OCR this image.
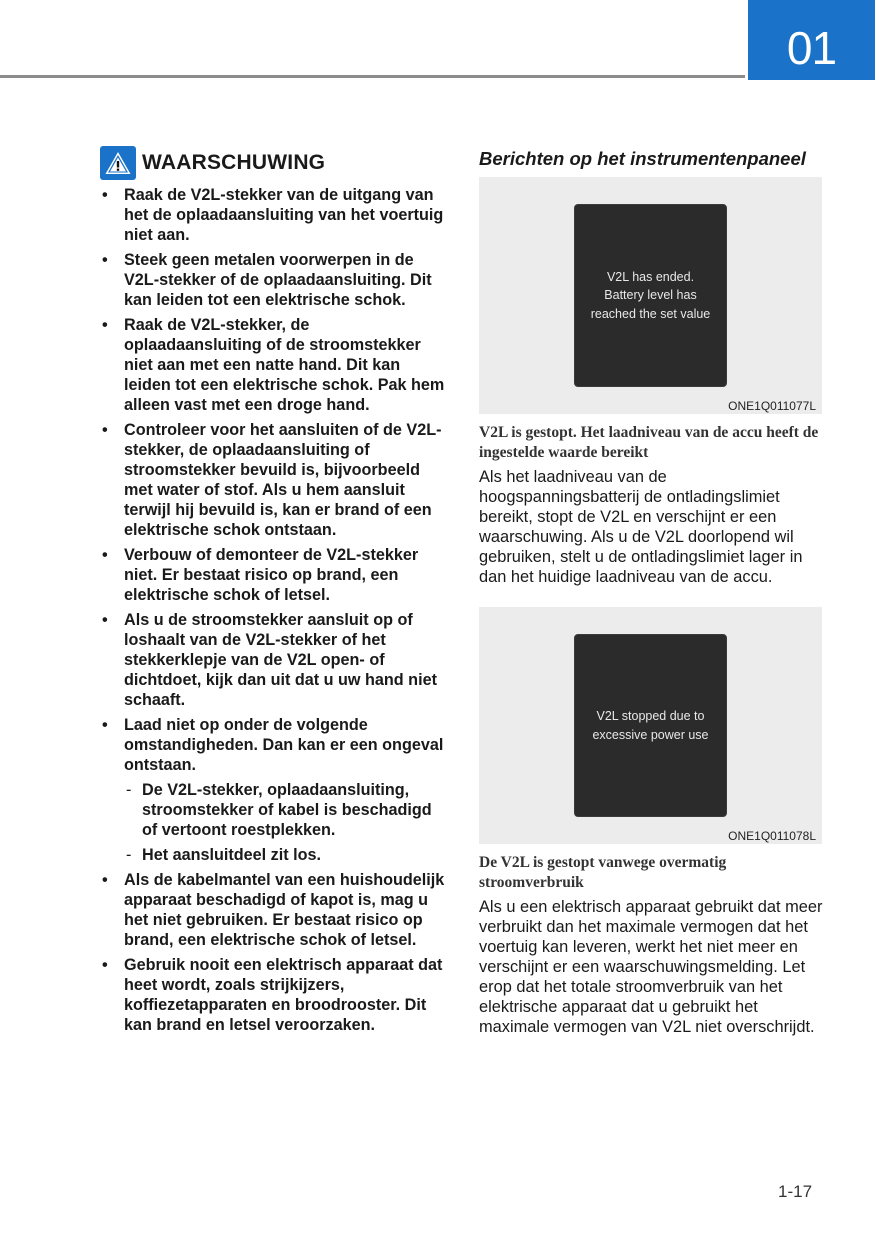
01
WAARSCHUWING
• Raak de V2L-stekker van de uitgang van het de oplaadaansluiting van het voertuig niet aan.
• Steek geen metalen voorwerpen in de V2L-stekker of de oplaadaansluiting. Dit kan leiden tot een elektrische schok.
• Raak de V2L-stekker, de oplaadaansluiting of de stroomstekker niet aan met een natte hand. Dit kan leiden tot een elektrische schok. Pak hem alleen vast met een droge hand.
• Controleer voor het aansluiten of de V2L-stekker, de oplaadaansluiting of stroomstekker bevuild is, bijvoorbeeld met water of stof. Als u hem aansluit terwijl hij bevuild is, kan er brand of een elektrische schok ontstaan.
• Verbouw of demonteer de V2L-stekker niet. Er bestaat risico op brand, een elektrische schok of letsel.
• Als u de stroomstekker aansluit op of loshaalt van de V2L-stekker of het stekkerklepje van de V2L open- of dichtdoet, kijk dan uit dat u uw hand niet schaaft.
• Laad niet op onder de volgende omstandigheden. Dan kan er een ongeval ontstaan.
- De V2L-stekker, oplaadaansluiting, stroomstekker of kabel is beschadigd of vertoont roestplekken.
- Het aansluitdeel zit los.
• Als de kabelmantel van een huishoudelijk apparaat beschadigd of kapot is, mag u het niet gebruiken. Er bestaat risico op brand, een elektrische schok of letsel.
• Gebruik nooit een elektrisch apparaat dat heet wordt, zoals strijkijzers, koffiezetapparaten en broodrooster. Dit kan brand en letsel veroorzaken.
Berichten op het instrumentenpaneel
V2L has ended.
Battery level has
reached the set value
ONE1Q011077L
V2L is gestopt. Het laadniveau van de accu heeft de ingestelde waarde bereikt

Als het laadniveau van de hoogspanningsbatterij de ontladingslimiet bereikt, stopt de V2L en verschijnt er een waarschuwing. Als u de V2L doorlopend wil gebruiken, stelt u de ontladingslimiet lager in dan het huidige laadniveau van de accu.

V2L stopped due to
excessive power use
ONE1Q011078L
De V2L is gestopt vanwege overmatig stroomverbruik

Als u een elektrisch apparaat gebruikt dat meer verbruikt dan het maximale vermogen dat het voertuig kan leveren, werkt het niet meer en verschijnt er een waarschuwingsmelding. Let erop dat het totale stroomverbruik van het elektrische apparaat dat u gebruikt het maximale vermogen van V2L niet overschrijdt.

1-17
